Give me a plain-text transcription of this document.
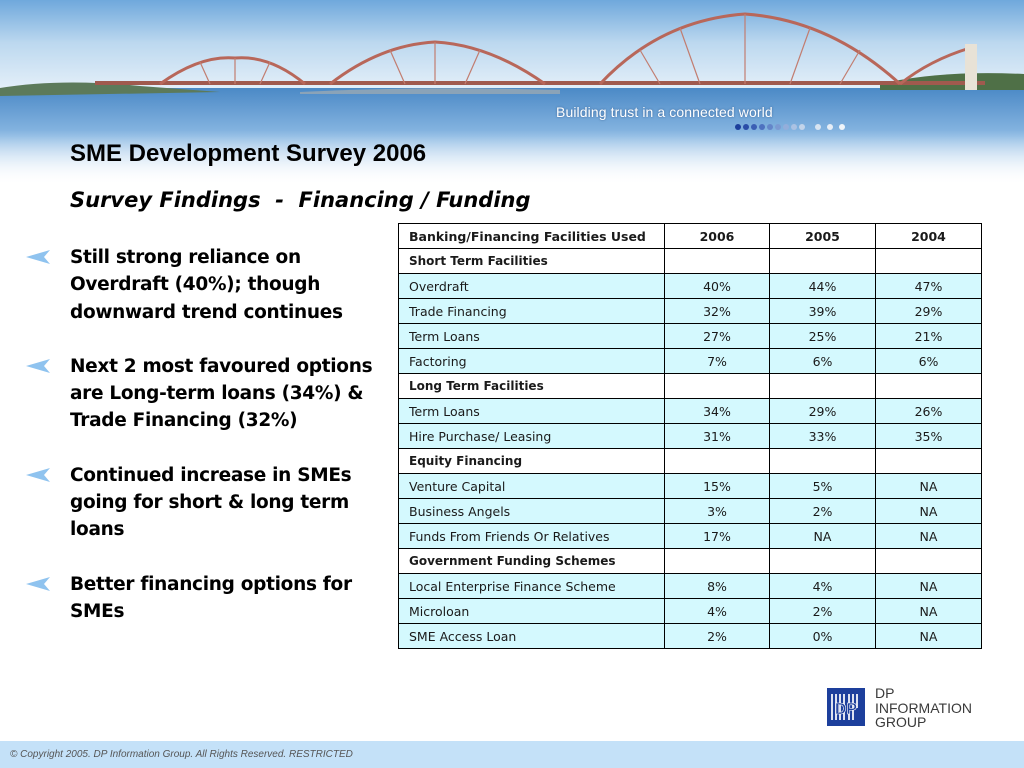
Building trust in a connected world
SME Development Survey 2006
Survey Findings  -  Financing / Funding
Still strong reliance on Overdraft (40%); though downward trend continues
Next 2 most favoured options are Long-term loans (34%) & Trade Financing (32%)
Continued increase in SMEs going for short & long term loans
Better financing options for SMEs
Banking/Financing Facilities Used	2006	2005	2004
Short Term Facilities			
Overdraft	40%	44%	47%
Trade Financing	32%	39%	29%
Term Loans	27%	25%	21%
Factoring	7%	6%	6%
Long Term Facilities			
Term Loans	34%	29%	26%
Hire Purchase/ Leasing	31%	33%	35%
Equity Financing			
Venture Capital	15%	5%	NA
Business Angels	3%	2%	NA
Funds From Friends Or Relatives	17%	NA	NA
Government Funding Schemes			
Local Enterprise Finance Scheme	8%	4%	NA
Microloan	4%	2%	NA
SME Access Loan	2%	0%	NA
DP
DP
INFORMATION
GROUP
© Copyright 2005. DP Information Group. All Rights Reserved. RESTRICTED
